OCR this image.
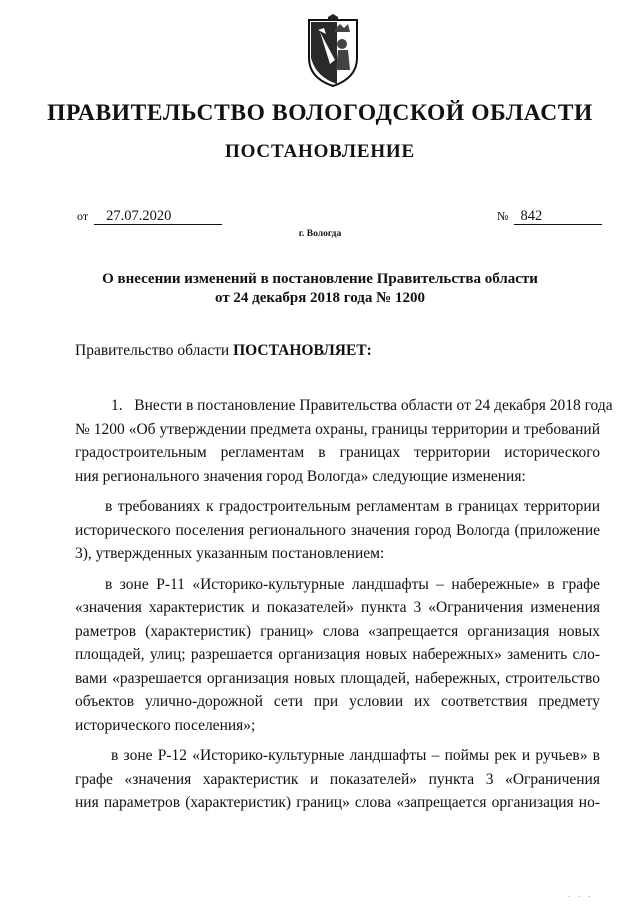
ПРАВИТЕЛЬСТВО ВОЛОГОДСКОЙ ОБЛАСТИ
ПОСТАНОВЛЕНИЕ
от 27.07.2020	№ 842
г. Вологда
О внесении изменений в постановление Правительства области
от 24 декабря 2018 года № 1200
Правительство области ПОСТАНОВЛЯЕТ:
1.   Внести в постановление Правительства области от 24 декабря 2018 года
№ 1200 «Об утверждении предмета охраны, границы территории и требований
градостроительным регламентам в границах территории исторического
ния регионального значения город Вологда» следующие изменения:
в требованиях к градостроительным регламентам в границах территории
исторического поселения регионального значения город Вологда (приложение
3), утвержденных указанным постановлением:
в зоне Р-11 «Историко-культурные ландшафты – набережные» в графе
«значения характеристик и показателей» пункта 3 «Ограничения изменения
раметров (характеристик) границ» слова «запрещается организация новых
площадей, улиц; разрешается организация новых набережных» заменить сло-
вами «разрешается организация новых площадей, набережных, строительство
объектов улично-дорожной сети при условии их соответствия предмету
исторического поселения»;
в зоне Р-12 «Историко-культурные ландшафты – поймы рек и ручьев» в
графе «значения характеристик и показателей» пункта 3 «Ограничения
ния параметров (характеристик) границ» слова «запрещается организация но-
· · ·
